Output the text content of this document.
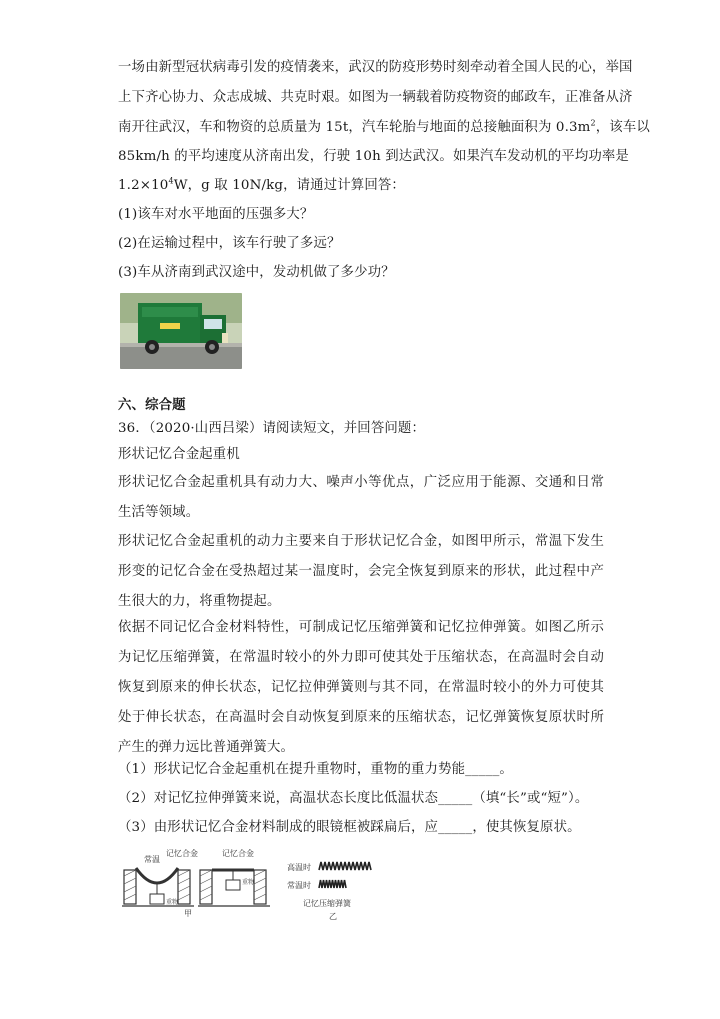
一场由新型冠状病毒引发的疫情袭来，武汉的防疫形势时刻牵动着全国人民的心，举国

上下齐心协力、众志成城、共克时艰。如图为一辆载着防疫物资的邮政车，正准备从济

南开往武汉，车和物资的总质量为 15t，汽车轮胎与地面的总接触面积为 $0.3m^2$，该车以

85km/h 的平均速度从济南出发，行驶 10h 到达武汉。如果汽车发动机的平均功率是

$1.2\times 10^4W$，g 取 10N/kg，请通过计算回答：

(1)该车对水平地面的压强多大？

(2)在运输过程中，该车行驶了多远？

(3)车从济南到武汉途中，发动机做了多少功？

六、综合题

36．（2020·山西吕梁）请阅读短文，并回答问题：

形状记忆合金起重机

形状记忆合金起重机具有动力大、噪声小等优点，广泛应用于能源、交通和日常生活等领域。

形状记忆合金起重机的动力主要来自于形状记忆合金，如图甲所示，常温下发生形变的记忆合金在受热超过某一温度时，会完全恢复到原来的形状，此过程中产生很大的力，将重物提起。

依据不同记忆合金材料特性，可制成记忆压缩弹簧和记忆拉伸弹簧。如图乙所示为记忆压缩弹簧，在常温时较小的外力即可使其处于压缩状态，在高温时会自动恢复到原来的伸长状态，记忆拉伸弹簧则与其不同，在常温时较小的外力可使其处于伸长状态，在高温时会自动恢复到原来的压缩状态，记忆弹簧恢复原状时所产生的弹力远比普通弹簧大。

（1）形状记忆合金起重机在提升重物时，重物的重力势能_____。

（2）对记忆拉伸弹簧来说，高温状态长度比低温状态_____（填“长”或“短”）。

（3）由形状记忆合金材料制成的眼镜框被踩扁后，应_____，使其恢复原状。

常温
记忆合金
重物
记忆合金
重物
甲
高温时
常温时
记忆压缩弹簧
乙
